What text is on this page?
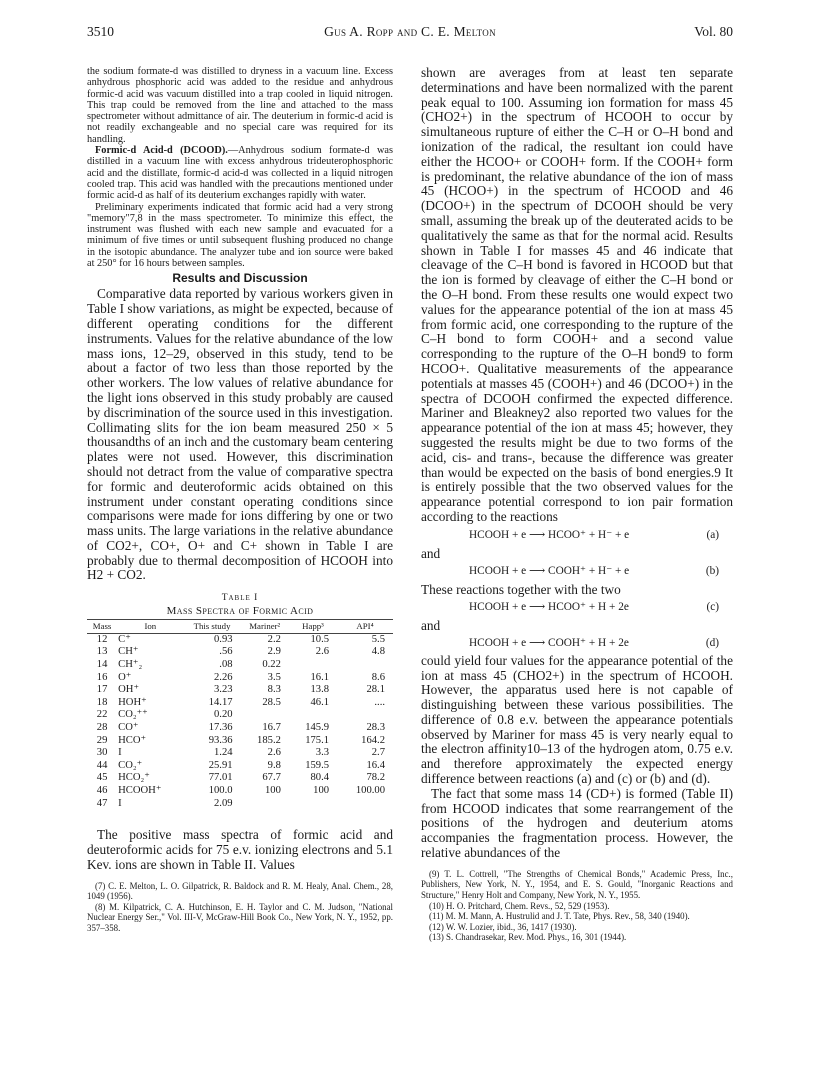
3510	Gus A. Ropp and C. E. Melton	Vol. 80

the sodium formate-d was distilled to dryness in a vacuum line. Excess anhydrous phosphoric acid was added to the residue and anhydrous formic-d acid was vacuum distilled into a trap cooled in liquid nitrogen. This trap could be removed from the line and attached to the mass spectrometer without admittance of air. The deuterium in formic-d acid is not readily exchangeable and no special care was required for its handling.

Formic-d Acid-d (DCOOD).—Anhydrous sodium formate-d was distilled in a vacuum line with excess anhydrous trideuterophosphoric acid and the distillate, formic-d acid-d was collected in a liquid nitrogen cooled trap. This acid was handled with the precautions mentioned under formic acid-d as half of its deuterium exchanges rapidly with water.

Preliminary experiments indicated that formic acid had a very strong "memory"7,8 in the mass spectrometer. To minimize this effect, the instrument was flushed with each new sample and evacuated for a minimum of five times or until subsequent flushing produced no change in the isotopic abundance. The analyzer tube and ion source were baked at 250° for 16 hours between samples.

Results and Discussion

Comparative data reported by various workers given in Table I show variations, as might be expected, because of different operating conditions for the different instruments. Values for the relative abundance of the low mass ions, 12–29, observed in this study, tend to be about a factor of two less than those reported by the other workers. The low values of relative abundance for the light ions observed in this study probably are caused by discrimination of the source used in this investigation. Collimating slits for the ion beam measured 250 × 5 thousandths of an inch and the customary beam centering plates were not used. However, this discrimination should not detract from the value of comparative spectra for formic and deuteroformic acids obtained on this instrument under constant operating conditions since comparisons were made for ions differing by one or two mass units. The large variations in the relative abundance of CO2+, CO+, O+ and C+ shown in Table I are probably due to thermal decomposition of HCOOH into H2 + CO2.

Table I
Mass Spectra of Formic Acid
Mass	Ion	This study	Mariner²	Happ³	API⁴
12	C⁺	0.93	2.2	10.5	5.5
13	CH⁺	.56	2.9	2.6	4.8
14	CH⁺₂	.08	0.22		
16	O⁺	2.26	3.5	16.1	8.6
17	OH⁺	3.23	8.3	13.8	28.1
18	HOH⁺	14.17	28.5	46.1	....
22	CO₂⁺⁺	0.20			
28	CO⁺	17.36	16.7	145.9	28.3
29	HCO⁺	93.36	185.2	175.1	164.2
30	I	1.24	2.6	3.3	2.7
44	CO₂⁺	25.91	9.8	159.5	16.4
45	HCO₂⁺	77.01	67.7	80.4	78.2
46	HCOOH⁺	100.0	100	100	100.00
47	I	2.09			

The positive mass spectra of formic acid and deuteroformic acids for 75 e.v. ionizing electrons and 5.1 Kev. ions are shown in Table II. Values

(7) C. E. Melton, L. O. Gilpatrick, R. Baldock and R. M. Healy, Anal. Chem., 28, 1049 (1956).

(8) M. Kilpatrick, C. A. Hutchinson, E. H. Taylor and C. M. Judson, "National Nuclear Energy Ser.," Vol. III-V, McGraw-Hill Book Co., New York, N. Y., 1952, pp. 357–358.

shown are averages from at least ten separate determinations and have been normalized with the parent peak equal to 100. Assuming ion formation for mass 45 (CHO2+) in the spectrum of HCOOH to occur by simultaneous rupture of either the C–H or O–H bond and ionization of the radical, the resultant ion could have either the HCOO+ or COOH+ form. If the COOH+ form is predominant, the relative abundance of the ion of mass 45 (HCOO+) in the spectrum of HCOOD and 46 (DCOO+) in the spectrum of DCOOH should be very small, assuming the break up of the deuterated acids to be qualitatively the same as that for the normal acid. Results shown in Table I for masses 45 and 46 indicate that cleavage of the C–H bond is favored in HCOOD but that the ion is formed by cleavage of either the C–H bond or the O–H bond. From these results one would expect two values for the appearance potential of the ion at mass 45 from formic acid, one corresponding to the rupture of the C–H bond to form COOH+ and a second value corresponding to the rupture of the O–H bond9 to form HCOO+. Qualitative measurements of the appearance potentials at masses 45 (COOH+) and 46 (DCOO+) in the spectra of DCOOH confirmed the expected difference. Mariner and Bleakney2 also reported two values for the appearance potential of the ion at mass 45; however, they suggested the results might be due to two forms of the acid, cis- and trans-, because the difference was greater than would be expected on the basis of bond energies.9 It is entirely possible that the two observed values for the appearance potential correspond to ion pair formation according to the reactions

HCOOH + e ⟶ HCOO⁺ + H⁻ + e	(a)
and
HCOOH + e ⟶ COOH⁺ + H⁻ + e	(b)
These reactions together with the two
HCOOH + e ⟶ HCOO⁺ + H + 2e	(c)
and
HCOOH + e ⟶ COOH⁺ + H + 2e	(d)

could yield four values for the appearance potential of the ion at mass 45 (CHO2+) in the spectrum of HCOOH. However, the apparatus used here is not capable of distinguishing between these various possibilities. The difference of 0.8 e.v. between the appearance potentials observed by Mariner for mass 45 is very nearly equal to the electron affinity10–13 of the hydrogen atom, 0.75 e.v. and therefore approximately the expected energy difference between reactions (a) and (c) or (b) and (d).

The fact that some mass 14 (CD+) is formed (Table II) from HCOOD indicates that some rearrangement of the positions of the hydrogen and deuterium atoms accompanies the fragmentation process. However, the relative abundances of the

(9) T. L. Cottrell, "The Strengths of Chemical Bonds," Academic Press, Inc., Publishers, New York, N. Y., 1954, and E. S. Gould, "Inorganic Reactions and Structure," Henry Holt and Company, New York, N. Y., 1955.

(10) H. O. Pritchard, Chem. Revs., 52, 529 (1953).

(11) M. M. Mann, A. Hustrulid and J. T. Tate, Phys. Rev., 58, 340 (1940).

(12) W. W. Lozier, ibid., 36, 1417 (1930).

(13) S. Chandrasekar, Rev. Mod. Phys., 16, 301 (1944).
